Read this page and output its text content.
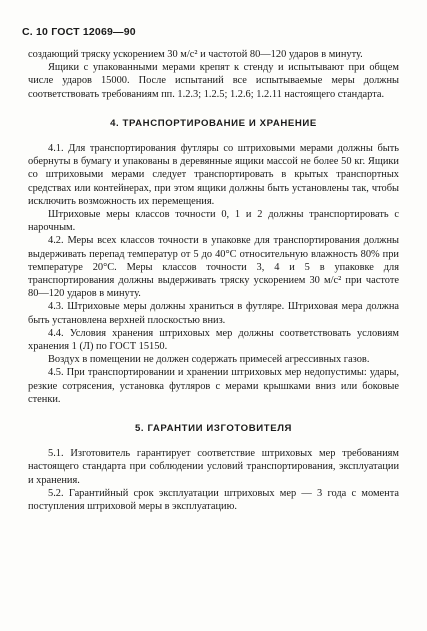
С. 10 ГОСТ 12069—90

создающий тряску ускорением 30 м/с² и частотой 80—120 ударов в минуту.

Ящики с упакованными мерами крепят к стенду и испытывают при общем числе ударов 15000. После испытаний все испытываемые меры должны соответствовать требованиям пп. 1.2.3; 1.2.5; 1.2.6; 1.2.11 настоящего стандарта.

4. ТРАНСПОРТИРОВАНИЕ И ХРАНЕНИЕ

4.1. Для транспортирования футляры со штриховыми мерами должны быть обернуты в бумагу и упакованы в деревянные ящики массой не более 50 кг. Ящики со штриховыми мерами следует транспортировать в крытых транспортных средствах или контейнерах, при этом ящики должны быть установлены так, чтобы исключить возможность их перемещения.

Штриховые меры классов точности 0, 1 и 2 должны транспортировать с нарочным.

4.2. Меры всех классов точности в упаковке для транспортирования должны выдерживать перепад температур от 5 до 40°С относительную влажность 80% при температуре 20°С. Меры классов точности 3, 4 и 5 в упаковке для транспортирования должны выдерживать тряску ускорением 30 м/с² при частоте 80—120 ударов в минуту.

4.3. Штриховые меры должны храниться в футляре. Штриховая мера должна быть установлена верхней плоскостью вниз.

4.4. Условия хранения штриховых мер должны соответствовать условиям хранения 1 (Л) по ГОСТ 15150.

Воздух в помещении не должен содержать примесей агрессивных газов.

4.5. При транспортировании и хранении штриховых мер недопустимы: удары, резкие сотрясения, установка футляров с мерами крышками вниз или боковые стенки.

5. ГАРАНТИИ ИЗГОТОВИТЕЛЯ

5.1. Изготовитель гарантирует соответствие штриховых мер требованиям настоящего стандарта при соблюдении условий транспортирования, эксплуатации и хранения.

5.2. Гарантийный срок эксплуатации штриховых мер — 3 года с момента поступления штриховой меры в эксплуатацию.
